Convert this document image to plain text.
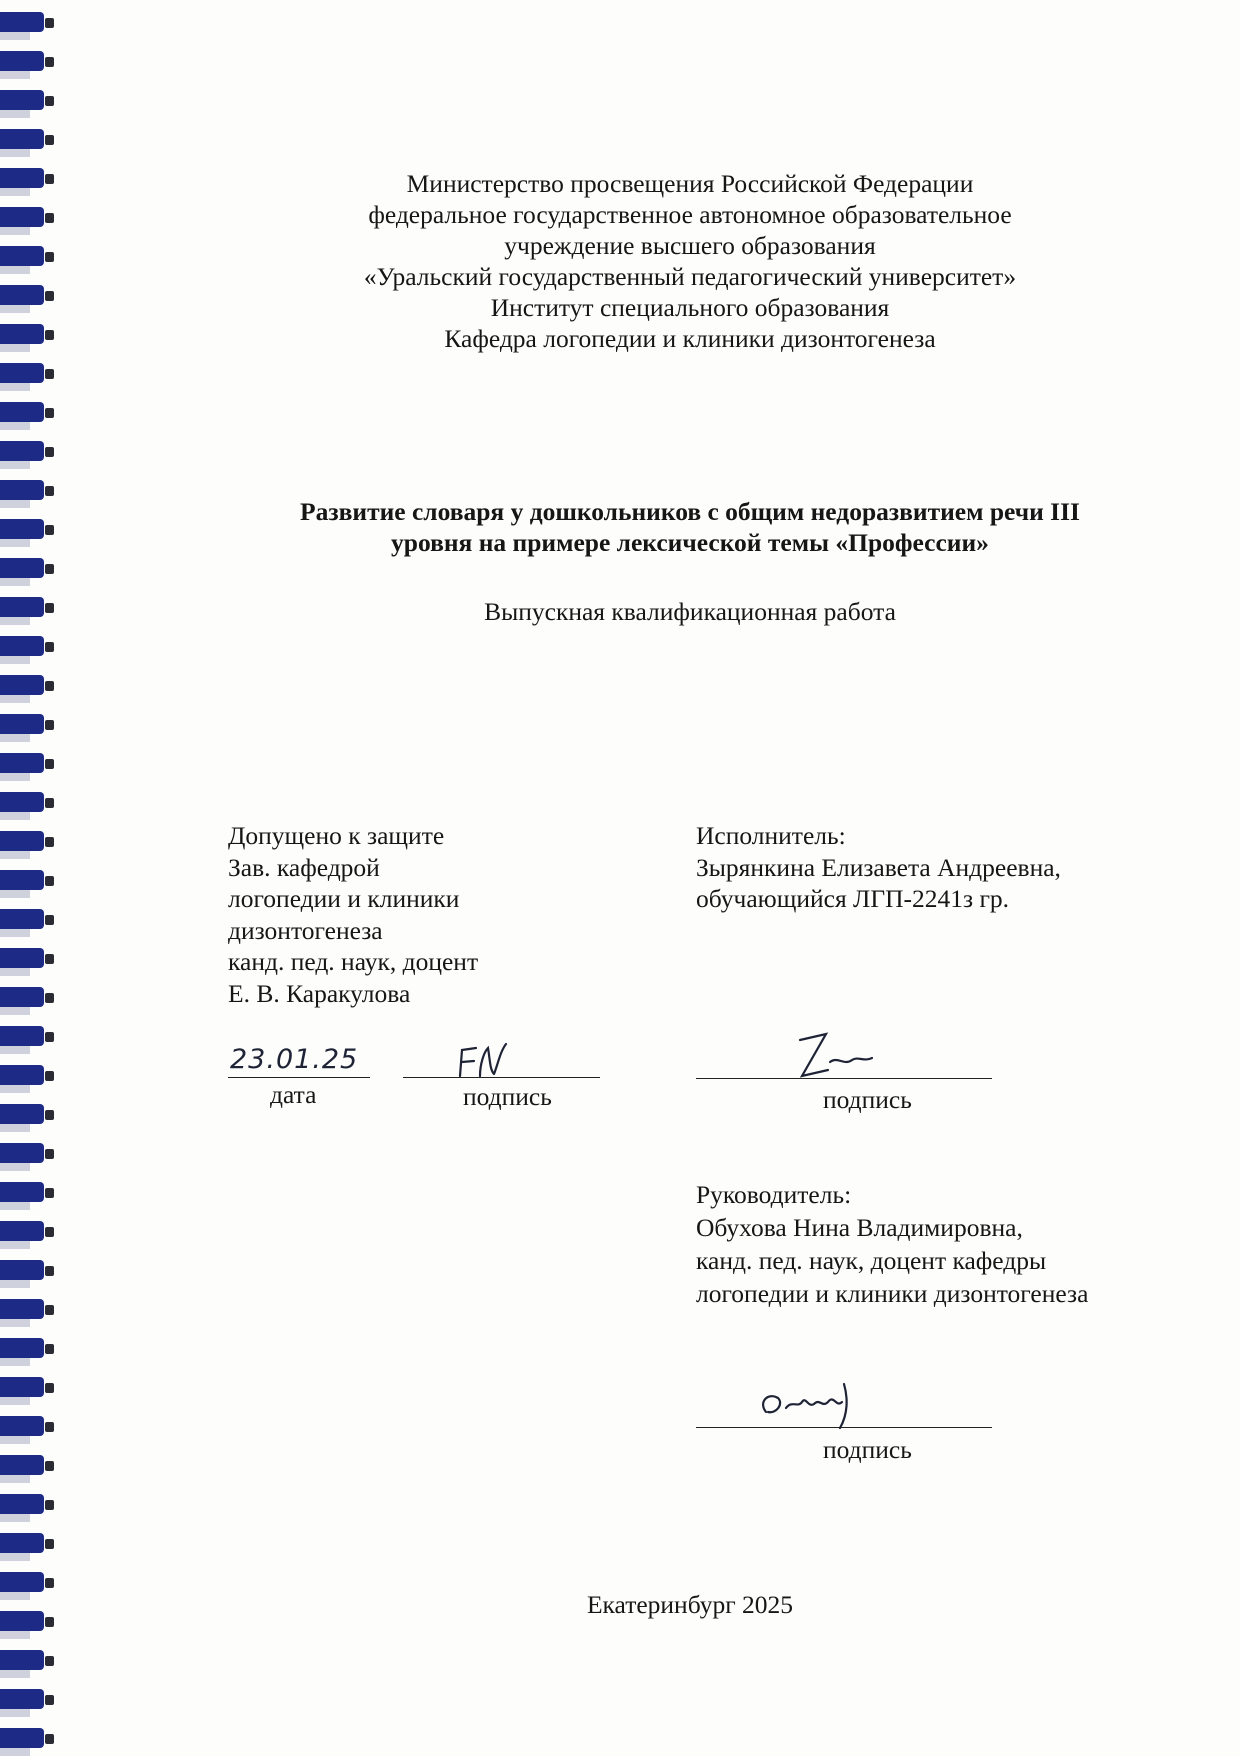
Министерство просвещения Российской Федерации
федеральное государственное автономное образовательное
учреждение высшего образования
«Уральский государственный педагогический университет»
Институт специального образования
Кафедра логопедии и клиники дизонтогенеза
Развитие словаря у дошкольников с общим недоразвитием речи III
уровня на примере лексической темы «Профессии»
Выпускная квалификационная работа
Допущено к защите
Зав. кафедрой
логопедии и клиники
дизонтогенеза
канд. пед. наук, доцент
Е. В. Каракулова
23.01.25
дата	подпись
Исполнитель:
Зырянкина Елизавета Андреевна,
обучающийся ЛГП-2241з гр.
подпись
Руководитель:
Обухова Нина Владимировна,
канд. пед. наук, доцент кафедры
логопедии и клиники дизонтогенеза
подпись
Екатеринбург 2025
